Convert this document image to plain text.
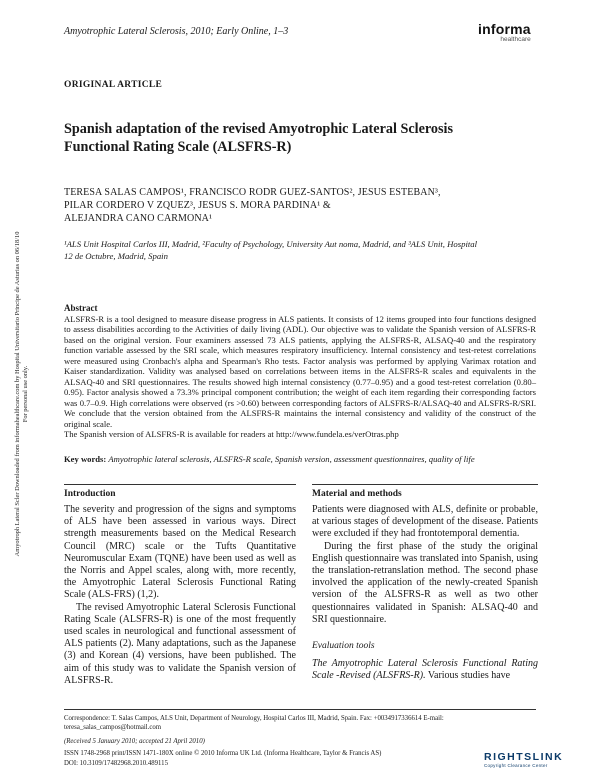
Amyotrophic Lateral Sclerosis, 2010; Early Online, 1–3	informa
healthcare
Amyotroph Lateral Scler Downloaded from informahealthcare.com by Hospital Universitario Principe de Asturias on 06/18/10 For personal use only.
ORIGINAL ARTICLE
Spanish adaptation of the revised Amyotrophic Lateral Sclerosis
Functional Rating Scale (ALSFRS-R)
TERESA SALAS CAMPOS¹, FRANCISCO RODR GUEZ-SANTOS², JESUS ESTEBAN³,
PILAR CORDERO V ZQUEZ³, JESUS S. MORA PARDINA¹ &
ALEJANDRA CANO CARMONA¹
¹ALS Unit Hospital Carlos III, Madrid, ²Faculty of Psychology, University Aut noma, Madrid, and ³ALS Unit, Hospital
12 de Octubre, Madrid, Spain
Abstract
ALSFRS-R is a tool designed to measure disease progress in ALS patients. It consists of 12 items grouped into four functions designed to assess disabilities according to the Activities of daily living (ADL). Our objective was to validate the Spanish version of ALSFRS-R based on the original version. Four examiners assessed 73 ALS patients, applying the ALSFRS-R, ALSAQ-40 and the respiratory function variable assessed by the SRI scale, which measures respiratory insufficiency. Internal consistency and test-retest correlations were measured using Cronbach's alpha and Spearman's Rho tests. Factor analysis was performed by applying Varimax rotation and Kaiser standardization. Validity was analysed based on correlations between items in the ALSFRS-R scales and equivalents in the ALSAQ-40 and SRI questionnaires. The results showed high internal consistency (0.77–0.95) and a good test-retest correlation (0.80–0.95). Factor analysis showed a 73.3% principal component contribution; the weight of each item regarding their corresponding factors was 0.7–0.9. High correlations were observed (rs >0.60) between corresponding factors of ALSFRS-R/ALSAQ-40 and ALSFRS-R/SRI. We conclude that the version obtained from the ALSFRS-R maintains the internal consistency and validity of the construct of the original scale.
The Spanish version of ALSFRS-R is available for readers at http://www.fundela.es/verOtras.php
Key words: Amyotrophic lateral sclerosis, ALSFRS-R scale, Spanish version, assessment questionnaires, quality of life
Introduction	Material and methods

The severity and progression of the signs and symptoms of ALS have been assessed in various ways. Direct strength measurements based on the Medical Research Council (MRC) scale or the Tufts Quantitative Neuromuscular Exam (TQNE) have been used as well as the Norris and Appel scales, along with, more recently, the Amyotrophic Lateral Sclerosis Functional Rating Scale (ALS-FRS) (1,2).

The revised Amyotrophic Lateral Sclerosis Functional Rating Scale (ALSFRS-R) is one of the most frequently used scales in neurological and functional assessment of ALS patients (2). Many adaptations, such as the Japanese (3) and Korean (4) versions, have been published. The aim of this study was to validate the Spanish version of ALSFRS-R.

Patients were diagnosed with ALS, definite or probable, at various stages of development of the disease. Patients were excluded if they had frontotemporal dementia.

During the first phase of the study the original English questionnaire was translated into Spanish, using the translation-retranslation method. The second phase involved the application of the newly-created Spanish version of the ALSFRS-R as well as two other questionnaires validated in Spanish: ALSAQ-40 and SRI questionnaire.

Evaluation tools

The Amyotrophic Lateral Sclerosis Functional Rating Scale -Revised (ALSFRS-R). Various studies have

Correspondence: T. Salas Campos, ALS Unit, Department of Neurology, Hospital Carlos III, Madrid, Spain. Fax: +0034917336614 E-mail: teresa_salas_campos@hotmail.com
(Received 5 January 2010; accepted 21 April 2010)
ISSN 1748-2968 print/ISSN 1471-180X online © 2010 Informa UK Ltd. (Informa Healthcare, Taylor & Francis AS)
DOI: 10.3109/17482968.2010.489115
RIGHTSLINK
Copyright Clearance Center
